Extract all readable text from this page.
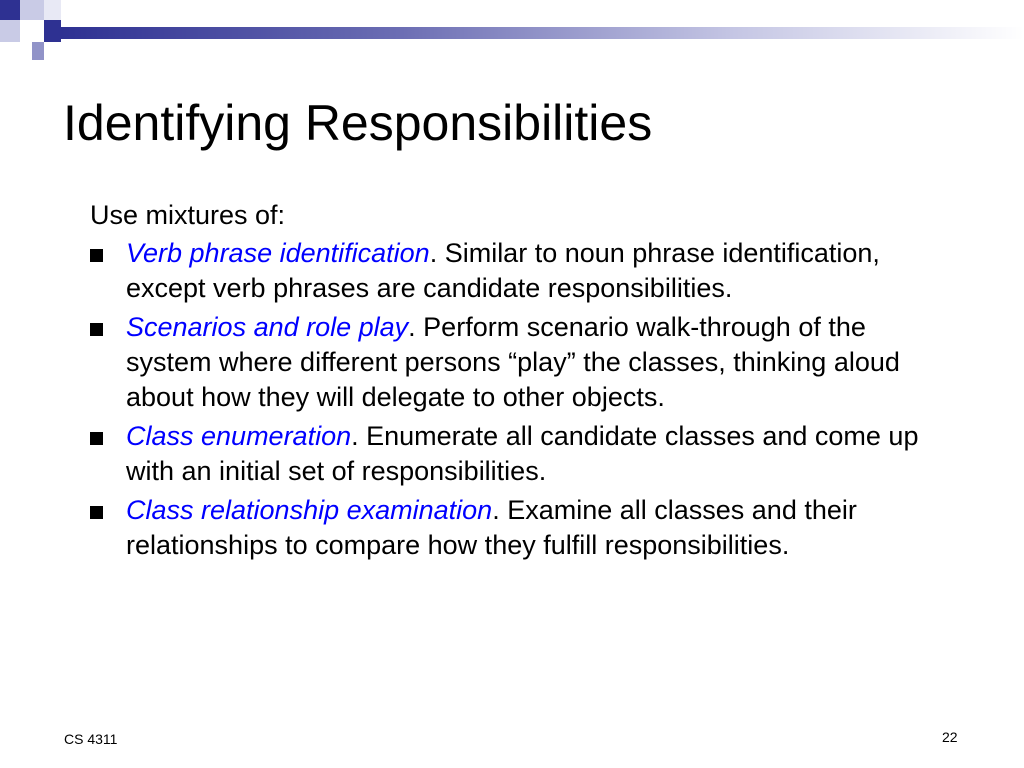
Identifying Responsibilities

Use mixtures of:

Verb phrase identification. Similar to noun phrase identification, except verb phrases are candidate responsibilities.
Scenarios and role play. Perform scenario walk-through of the system where different persons “play” the classes, thinking aloud about how they will delegate to other objects.
Class enumeration. Enumerate all candidate classes and come up with an initial set of responsibilities.
Class relationship examination. Examine all classes and their relationships to compare how they fulfill responsibilities.
CS 4311	22
